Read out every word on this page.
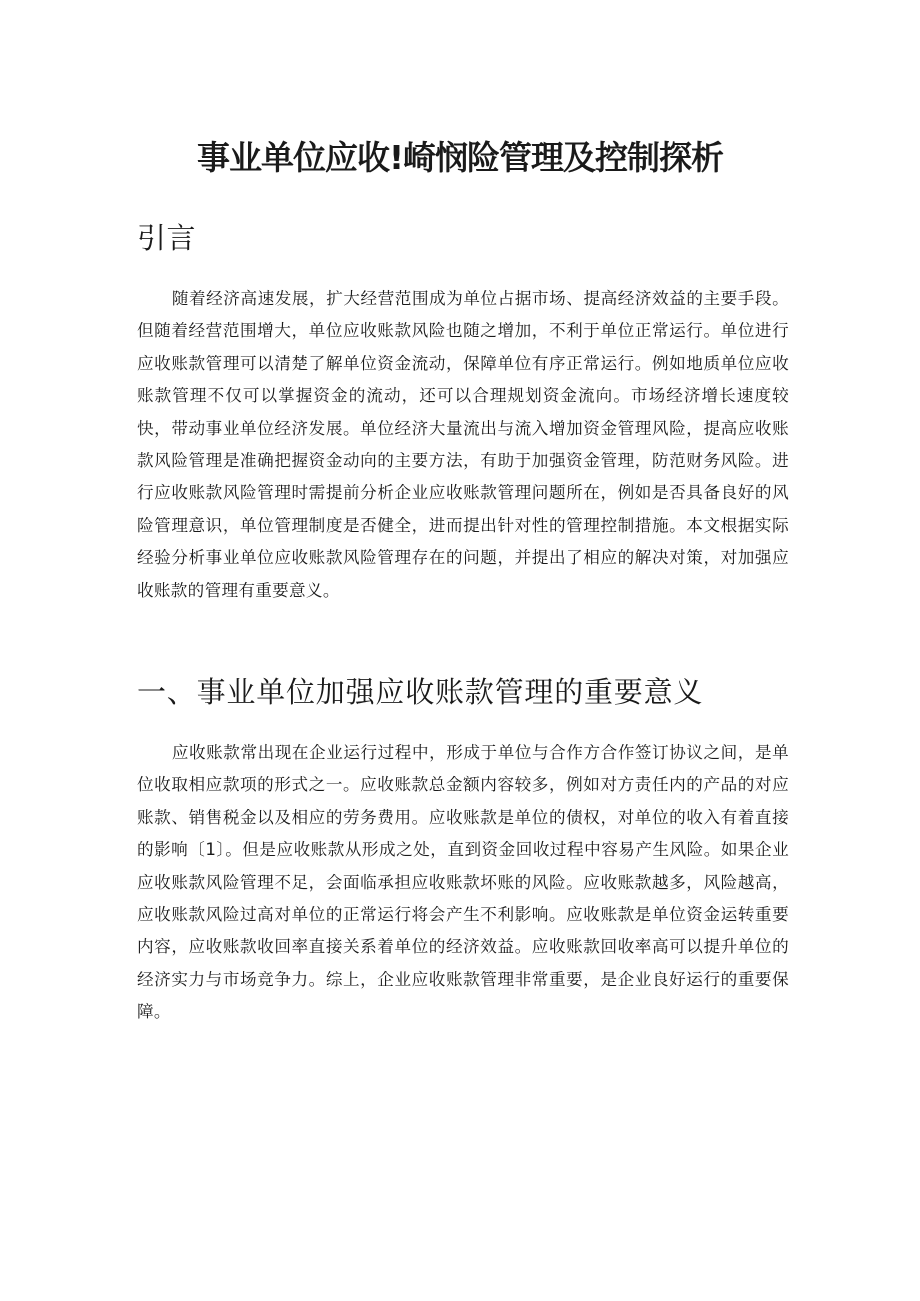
事业单位应收!崎悯险管理及控制探析
引言

随着经济高速发展，扩大经营范围成为单位占据市场、提高经济效益的主要手段。但随着经营范围增大，单位应收账款风险也随之增加，不利于单位正常运行。单位进行应收账款管理可以清楚了解单位资金流动，保障单位有序正常运行。例如地质单位应收账款管理不仅可以掌握资金的流动，还可以合理规划资金流向。市场经济增长速度较快，带动事业单位经济发展。单位经济大量流出与流入增加资金管理风险，提高应收账款风险管理是准确把握资金动向的主要方法，有助于加强资金管理，防范财务风险。进行应收账款风险管理时需提前分析企业应收账款管理问题所在，例如是否具备良好的风险管理意识，单位管理制度是否健全，进而提出针对性的管理控制措施。本文根据实际经验分析事业单位应收账款风险管理存在的问题，并提出了相应的解决对策，对加强应收账款的管理有重要意义。

一、事业单位加强应收账款管理的重要意义

应收账款常出现在企业运行过程中，形成于单位与合作方合作签订协议之间，是单位收取相应款项的形式之一。应收账款总金额内容较多，例如对方责任内的产品的对应账款、销售税金以及相应的劳务费用。应收账款是单位的债权，对单位的收入有着直接的影响〔1〕。但是应收账款从形成之处，直到资金回收过程中容易产生风险。如果企业应收账款风险管理不足，会面临承担应收账款坏账的风险。应收账款越多，风险越高，应收账款风险过高对单位的正常运行将会产生不利影响。应收账款是单位资金运转重要内容，应收账款收回率直接关系着单位的经济效益。应收账款回收率高可以提升单位的经济实力与市场竞争力。综上，企业应收账款管理非常重要，是企业良好运行的重要保障。
